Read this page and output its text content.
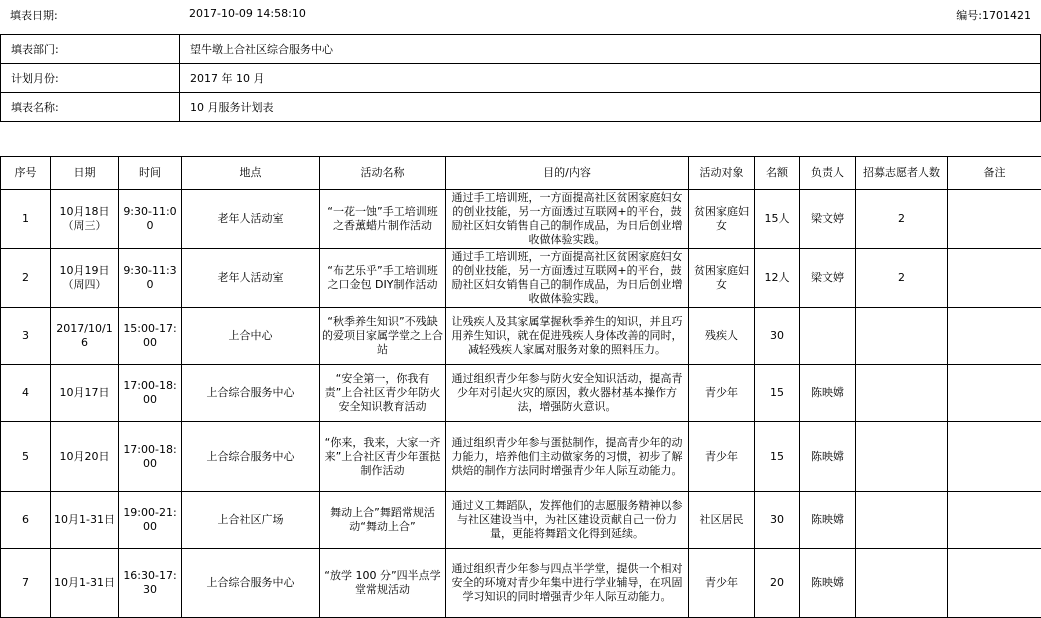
填表日期:	2017-10-09 14:58:10	编号:1701421
填表部门:	望牛墩上合社区综合服务中心
计划月份:	2017 年 10 月
填表名称:	10 月服务计划表
序号	日期	时间	地点	活动名称	目的/内容	活动对象	名额	负责人	招募志愿者人数	备注
1	10月18日（周三）	9:30-11:00	老年人活动室	“一花一蚀”手工培训班之香薰蜡片制作活动	通过手工培训班，一方面提高社区贫困家庭妇女的创业技能，另一方面透过互联网+的平台，鼓励社区妇女销售自己的制作成品，为日后创业增收做体验实践。	贫困家庭妇女	15人	梁文婷	2	
2	10月19日（周四）	9:30-11:30	老年人活动室	“布艺乐乎”手工培训班之口金包 DIY制作活动	通过手工培训班，一方面提高社区贫困家庭妇女的创业技能，另一方面透过互联网+的平台，鼓励社区妇女销售自己的制作成品，为日后创业增收做体验实践。	贫困家庭妇女	12人	梁文婷	2	
3	2017/10/16	15:00-17:00	上合中心	“秋季养生知识”不残缺的爱项目家属学堂之上合站	让残疾人及其家属掌握秋季养生的知识，并且巧用养生知识，就在促进残疾人身体改善的同时，减轻残疾人家属对服务对象的照料压力。	残疾人	30			
4	10月17日	17:00-18:00	上合综合服务中心	“安全第一，你我有责”上合社区青少年防火安全知识教育活动	通过组织青少年参与防火安全知识活动，提高青少年对引起火灾的原因，救火器材基本操作方法，增强防火意识。	青少年	15	陈映嫦		
5	10月20日	17:00-18:00	上合综合服务中心	“你来，我来，大家一齐来”上合社区青少年蛋挞制作活动	通过组织青少年参与蛋挞制作，提高青少年的动力能力，培养他们主动做家务的习惯，初步了解烘焙的制作方法同时增强青少年人际互动能力。	青少年	15	陈映嫦		
6	10月1-31日	19:00-21:00	上合社区广场	舞动上合”舞蹈常规活动“舞动上合”	通过义工舞蹈队，发挥他们的志愿服务精神以参与社区建设当中，为社区建设贡献自己一份力量，更能将舞蹈文化得到延续。	社区居民	30	陈映嫦		
7	10月1-31日	16:30-17:30	上合综合服务中心	“放学 100 分”四半点学堂常规活动	通过组织青少年参与四点半学堂，提供一个相对安全的环境对青少年集中进行学业辅导，在巩固学习知识的同时增强青少年人际互动能力。	青少年	20	陈映嫦		
